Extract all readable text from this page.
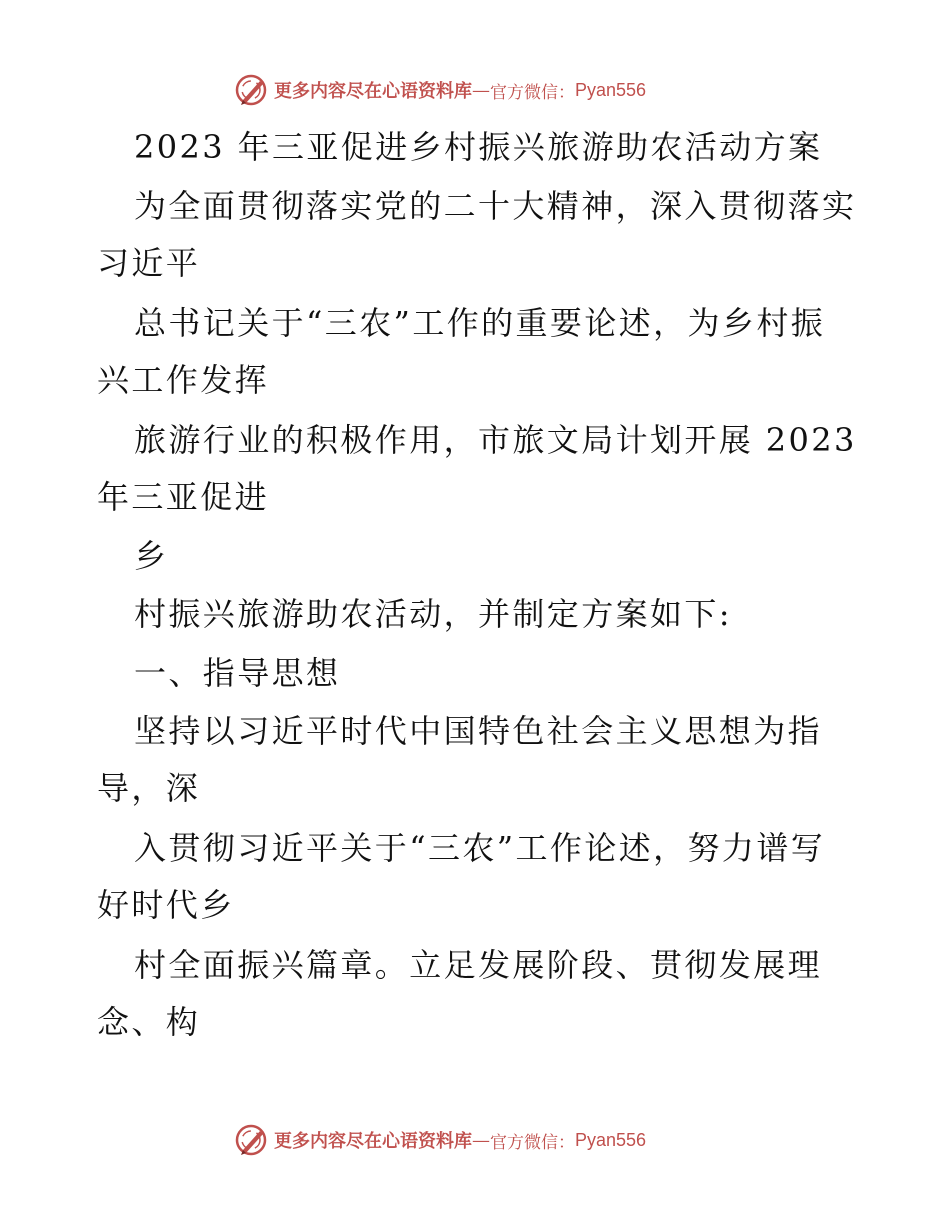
更多内容尽在心语资料库 — 官方微信： Pyan556
2023 年三亚促进乡村振兴旅游助农活动方案
为全面贯彻落实党的二十大精神，深入贯彻落实
习近平
总书记关于“三农”工作的重要论述，为乡村振
兴工作发挥
旅游行业的积极作用，市旅文局计划开展 2023
年三亚促进
乡
村振兴旅游助农活动，并制定方案如下:
一、指导思想
坚持以习近平时代中国特色社会主义思想为指
导，深
入贯彻习近平关于“三农”工作论述，努力谱写
好时代乡
村全面振兴篇章。立足发展阶段、贯彻发展理
念、构
更多内容尽在心语资料库 — 官方微信： Pyan556
